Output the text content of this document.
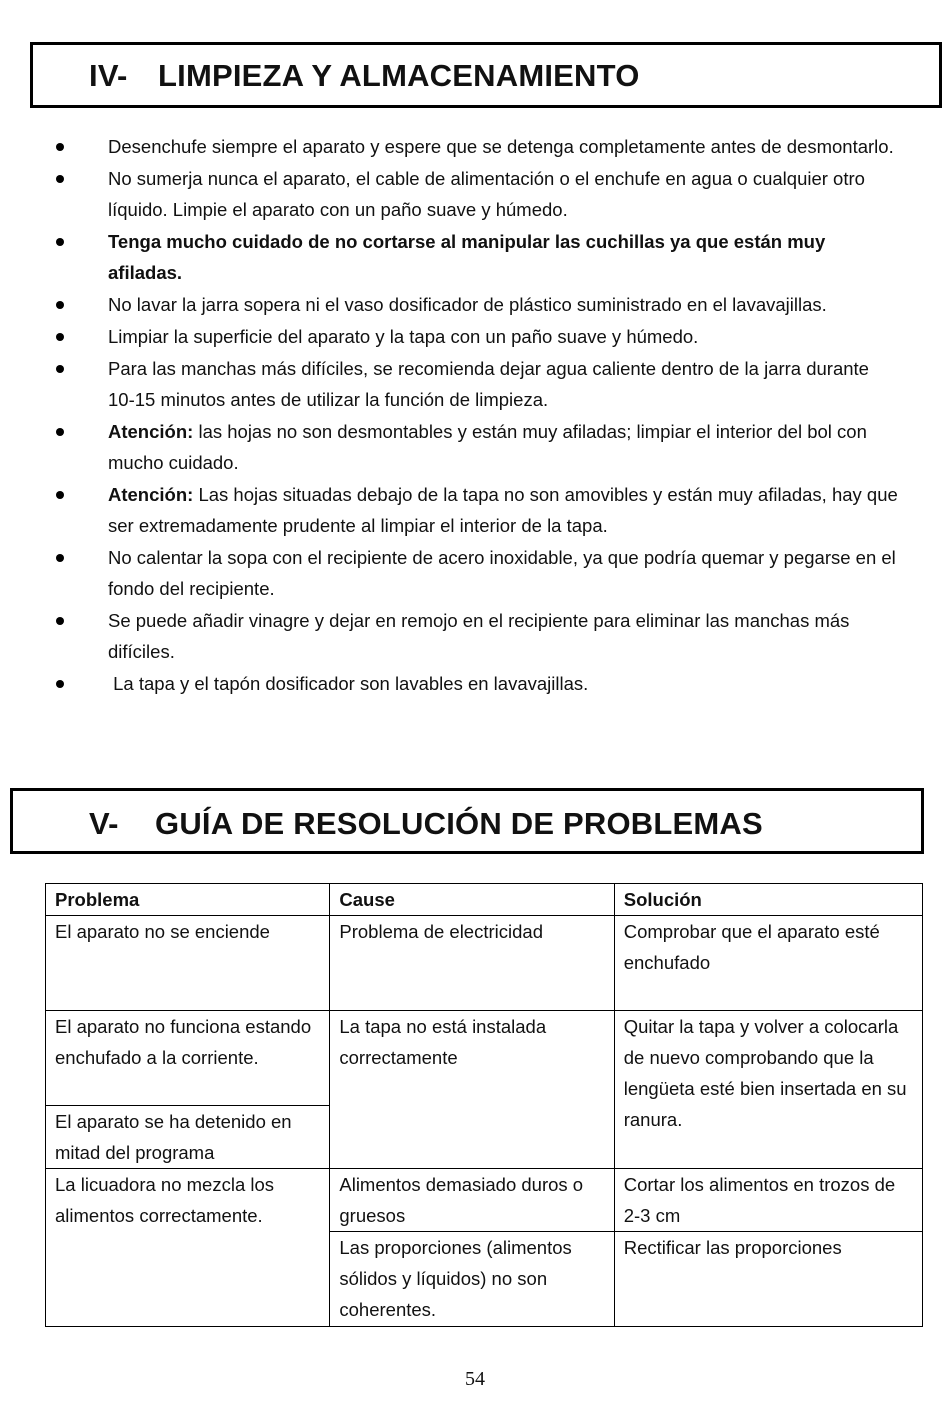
IV- LIMPIEZA Y ALMACENAMIENTO
Desenchufe siempre el aparato y espere que se detenga completamente antes de desmontarlo.
No sumerja nunca el aparato, el cable de alimentación o el enchufe en agua o cualquier otro líquido. Limpie el aparato con un paño suave y húmedo.
Tenga mucho cuidado de no cortarse al manipular las cuchillas ya que están muy afiladas.
No lavar la jarra sopera ni el vaso dosificador de plástico suministrado en el lavavajillas.
Limpiar la superficie del aparato y la tapa con un paño suave y húmedo.
Para las manchas más difíciles, se recomienda dejar agua caliente dentro de la jarra durante 10-15 minutos antes de utilizar la función de limpieza.
Atención: las hojas no son desmontables y están muy afiladas; limpiar el interior del bol con mucho cuidado.
Atención: Las hojas situadas debajo de la tapa no son amovibles y están muy afiladas, hay que ser extremadamente prudente al limpiar el interior de la tapa.
No calentar la sopa con el recipiente de acero inoxidable, ya que podría quemar y pegarse en el fondo del recipiente.
Se puede añadir vinagre y dejar en remojo en el recipiente para eliminar las manchas más difíciles.
La tapa y el tapón dosificador son lavables en lavavajillas.
V- GUÍA DE RESOLUCIÓN DE PROBLEMAS
Problema	Cause	Solución
El aparato no se enciende	Problema de electricidad	Comprobar que el aparato esté enchufado
El aparato no funciona estando enchufado a la corriente.	La tapa no está instalada correctamente	Quitar la tapa y volver a colocarla de nuevo comprobando que la lengüeta esté bien insertada en su ranura.
El aparato se ha detenido en mitad del programa		
La licuadora no mezcla los alimentos correctamente.	Alimentos demasiado duros o gruesos	Cortar los alimentos en trozos de 2-3 cm
	Las proporciones (alimentos sólidos y líquidos) no son coherentes.	Rectificar las proporciones
54
